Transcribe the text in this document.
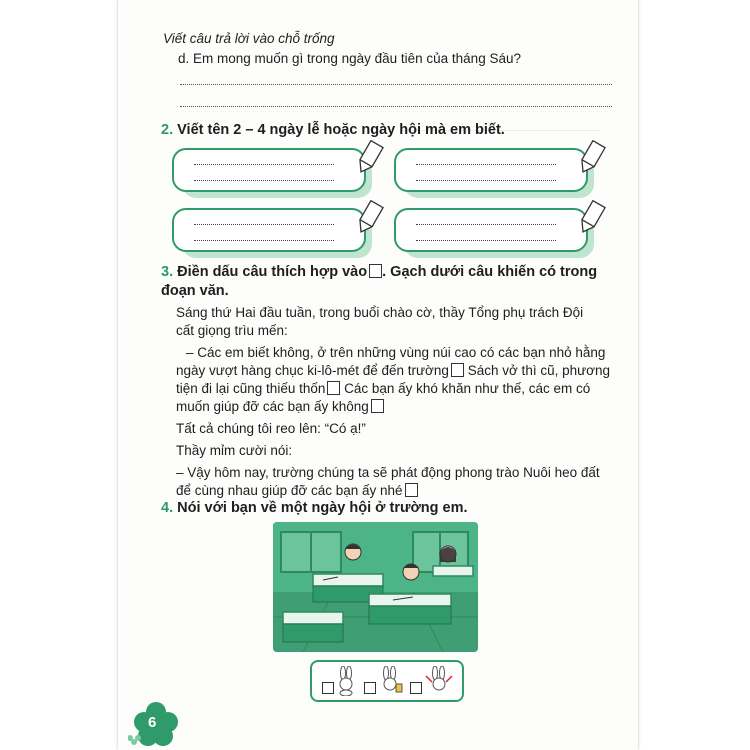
Viết câu trả lời vào chỗ trống
d. Em mong muốn gì trong ngày đầu tiên của tháng Sáu?
2. Viết tên 2 – 4 ngày lễ hoặc ngày hội mà em biết.
3. Điền dấu câu thích hợp vào . Gạch dưới câu khiến có trong
đoạn văn.
Sáng thứ Hai đầu tuần, trong buổi chào cờ, thầy Tổng phụ trách Đội
cất giọng trìu mến:
– Các em biết không, ở trên những vùng núi cao có các bạn nhỏ hằng
ngày vượt hàng chục ki-lô-mét để đến trường Sách vở thì cũ, phương
tiện đi lại cũng thiếu thốn Các bạn ấy khó khăn như thế, các em có
muốn giúp đỡ các bạn ấy không
Tất cả chúng tôi reo lên: “Có ạ!”
Thầy mỉm cười nói:
– Vậy hôm nay, trường chúng ta sẽ phát động phong trào Nuôi heo đất
để cùng nhau giúp đỡ các bạn ấy nhé
4. Nói với bạn về một ngày hội ở trường em.
6
